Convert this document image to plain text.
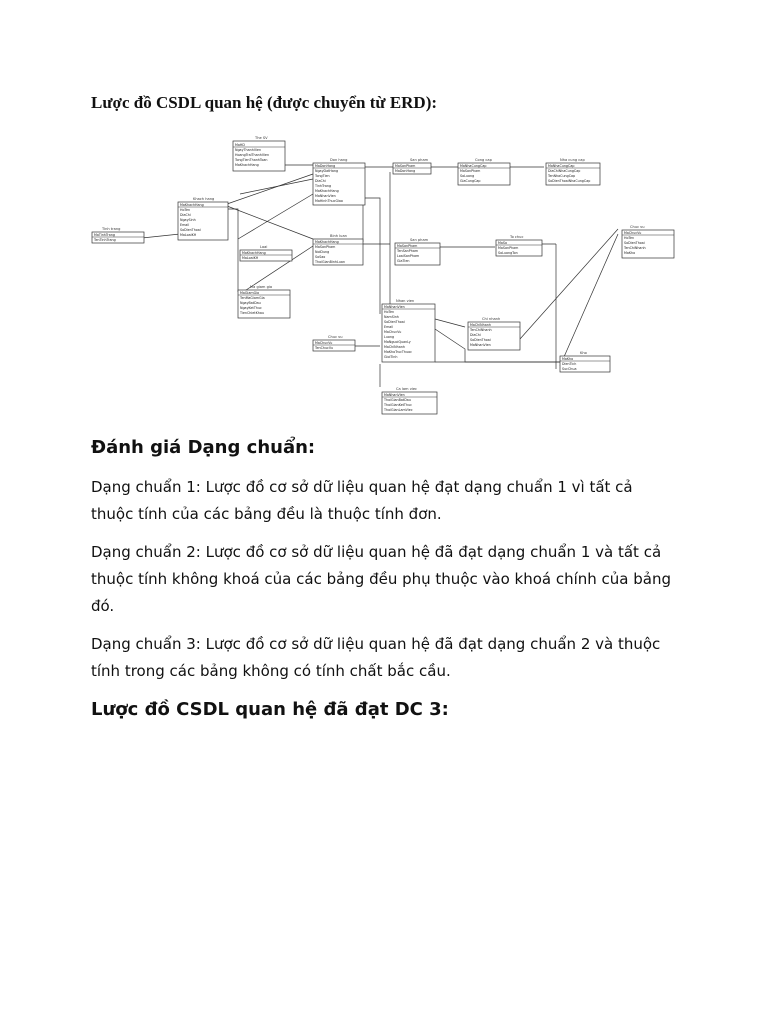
Lược đồ CSDL quan hệ (được chuyển từ ERD):
The SV
MaHD
NgayThanhVien
HoangTraiThanhVien
TongTienThanhToan
MaKhachHang
Don hang
MaDonHang
NgayDatHang
TongTien
DiaChi
TinhTrang
MaKhachHang
MaNhanVien
MaHinhThucGiao
San pham
MaSanPham
MaDonHang
Cong cap
MaNhaCungCap
MaSanPham
SoLuong
GiaCungCap
Nha cung cap
MaNhaCungCap
DiaChiNhaCungCap
TenNhaCungCap
SoDienThoaiNhaCungCap
Khach hang
MaKhachHang
HoTen
DiaChi
NgaySinh
Email
SoDienThoai
MaLoaiKH
Tinh trang
MaTinhTrang
TenTinhTrang
Loai
MaKhachHang
MaLoaiKH
Binh luan
MaKhachHang
MaSanPham
NoiDung
SoSao
ThoiGianBinhLuan
San pham
MaSanPham
TenSanPham
LoaiSanPham
GiaTien
To chuc
MaSo
MaSanPham
SoLuongTon
Chuc vu
MaChucVu
HoTen
SoDienThoai
TenChiNhanh
MaKho
Ma giam gia
MaGiamGia
TenMaGiamGia
NgayBatDau
NgayKetThuc
TienChietKhau
Nhan vien
MaNhanVien
HoTen
NamSinh
SoDienThoai
Email
MaChucVu
Luong
MaNguoiQuanLy
MaChiNhanh
MaKhoTrucThuoc
GioiTinh
Chi nhanh
MaChiNhanh
TenChiNhanh
DiaChi
SoDienThoai
MaNhanVien
Chuc vu
MaChucVu
TenChucVu
Kho
MaKho
DienTich
SucChua
Ca lam viec
MaNhanVien
ThoiGianBatDau
ThoiGianKetThuc
ThoiGianLamViec
Đánh giá Dạng chuẩn:
Dạng chuẩn 1: Lược đồ cơ sở dữ liệu quan hệ đạt dạng chuẩn 1 vì tất cả
thuộc tính của các bảng đều là thuộc tính đơn.
Dạng chuẩn 2: Lược đồ cơ sở dữ liệu quan hệ đã đạt dạng chuẩn 1 và tất cả
thuộc tính không khoá của các bảng đều phụ thuộc vào khoá chính của bảng
đó.
Dạng chuẩn 3: Lược đồ cơ sở dữ liệu quan hệ đã đạt dạng chuẩn 2 và thuộc
tính trong các bảng không có tính chất bắc cầu.
Lược đồ CSDL quan hệ đã đạt DC 3:
